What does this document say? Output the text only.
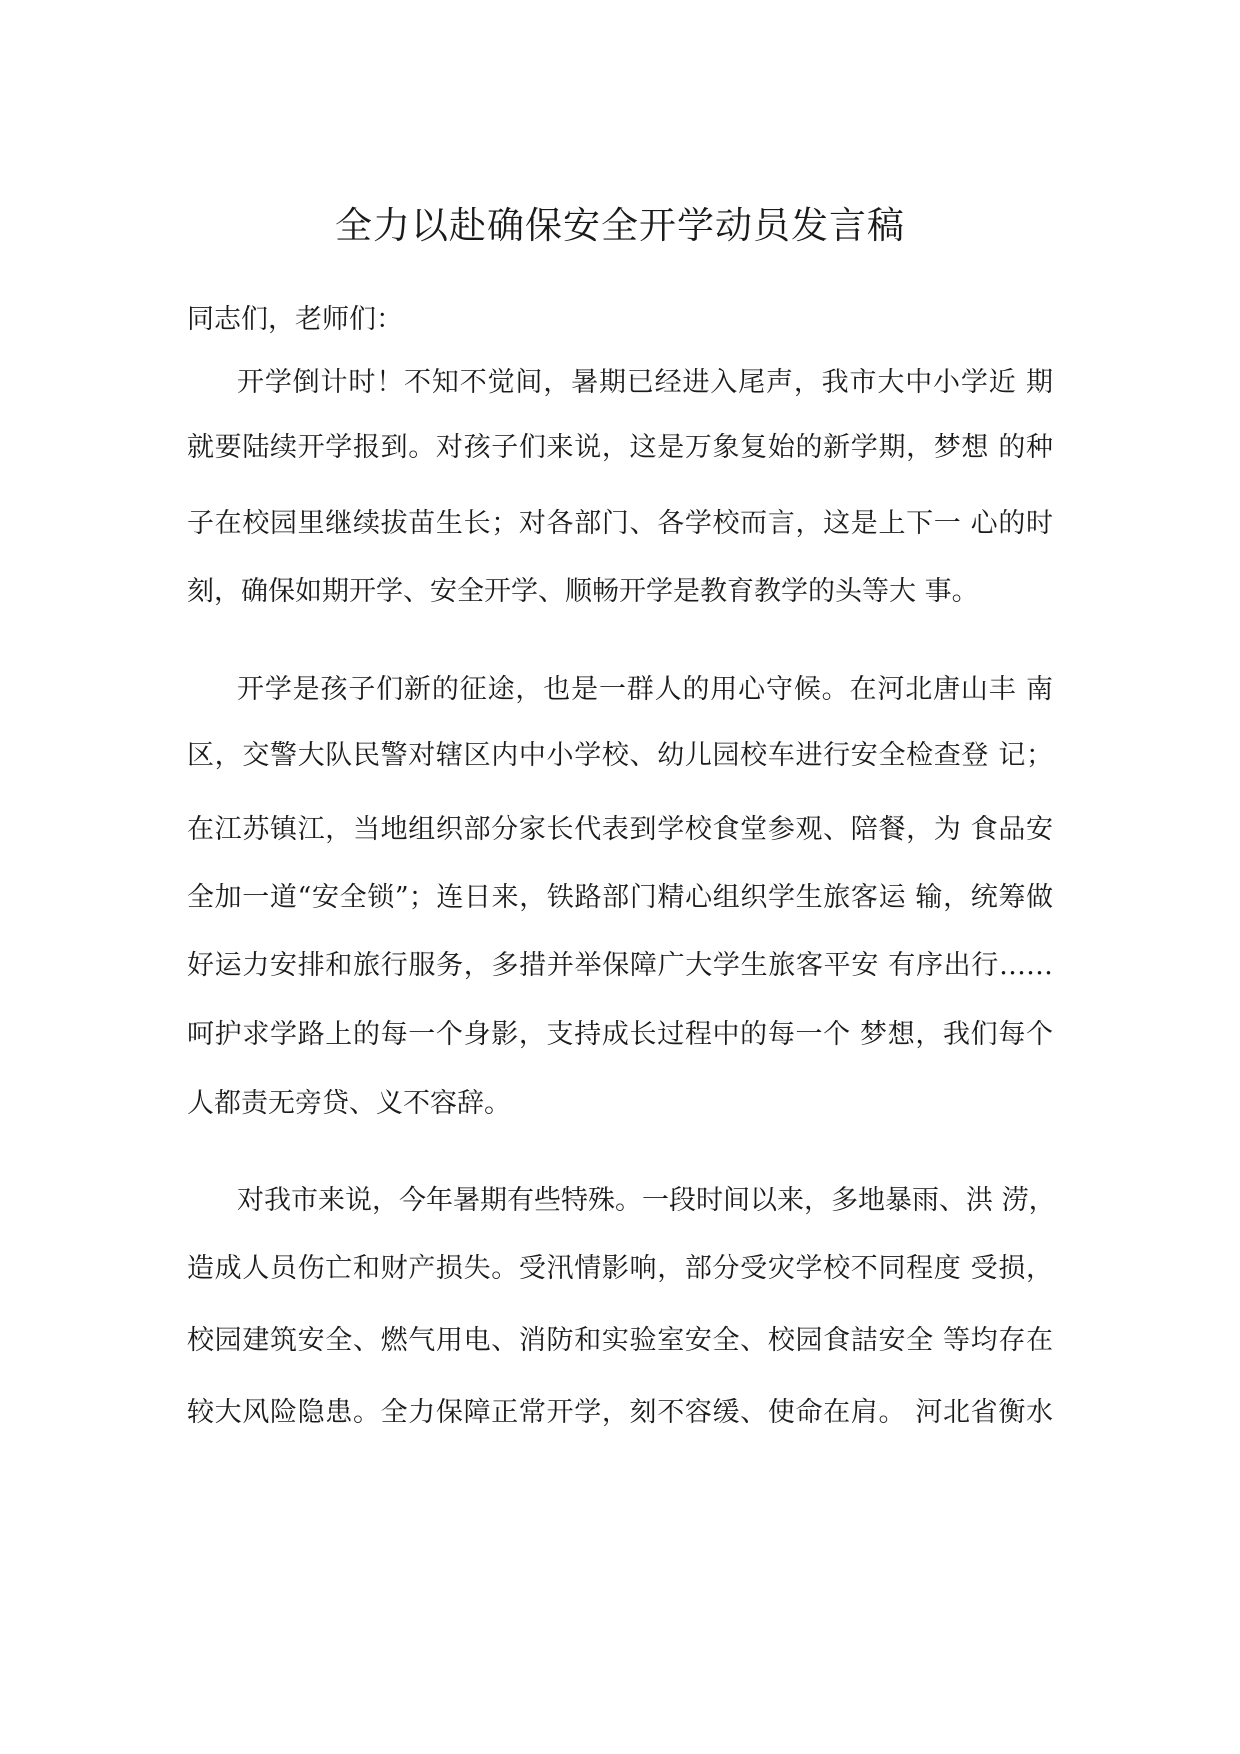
全力以赴确保安全开学动员发言稿

同志们，老师们：

开学倒计时！不知不觉间，暑期已经进入尾声，我市大中小学近 期

就要陆续开学报到。对孩子们来说，这是万象复始的新学期，梦想 的种

子在校园里继续拔苗生长；对各部门、各学校而言，这是上下一 心的时

刻，确保如期开学、安全开学、顺畅开学是教育教学的头等大 事。

开学是孩子们新的征途，也是一群人的用心守候。在河北唐山丰 南

区，交警大队民警对辖区内中小学校、幼儿园校车进行安全检查登 记；

在江苏镇江，当地组织部分家长代表到学校食堂参观、陪餐，为 食品安

全加一道“安全锁”；连日来，铁路部门精心组织学生旅客运 输，统筹做

好运力安排和旅行服务，多措并举保障广大学生旅客平安 有序出行……

呵护求学路上的每一个身影，支持成长过程中的每一个 梦想，我们每个

人都责无旁贷、义不容辞。

对我市来说，今年暑期有些特殊。一段时间以来，多地暴雨、洪 涝，

造成人员伤亡和财产损失。受汛情影响，部分受灾学校不同程度 受损，

校园建筑安全、燃气用电、消防和实验室安全、校园食詰安全 等均存在

较大风险隐患。全力保障正常开学，刻不容缓、使命在肩。 河北省衡水
